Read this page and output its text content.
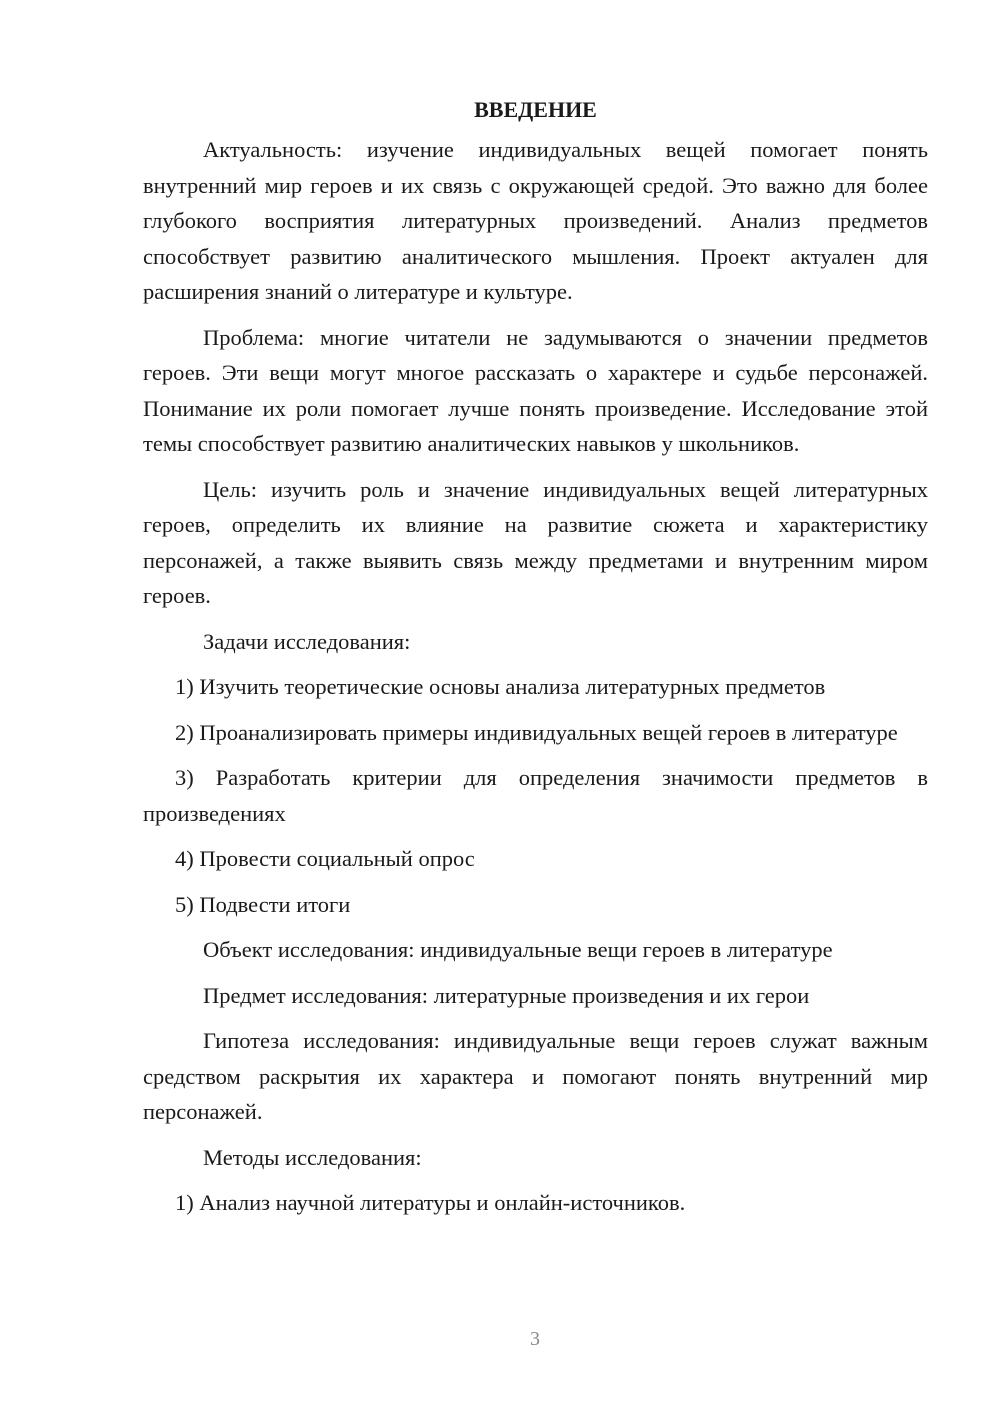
ВВЕДЕНИЕ

Актуальность: изучение индивидуальных вещей помогает понять внутренний мир героев и их связь с окружающей средой. Это важно для более глубокого восприятия литературных произведений. Анализ предметов способствует развитию аналитического мышления. Проект актуален для расширения знаний о литературе и культуре.

Проблема: многие читатели не задумываются о значении предметов героев. Эти вещи могут многое рассказать о характере и судьбе персонажей. Понимание их роли помогает лучше понять произведение. Исследование этой темы способствует развитию аналитических навыков у школьников.

Цель: изучить роль и значение индивидуальных вещей литературных героев, определить их влияние на развитие сюжета и характеристику персонажей, а также выявить связь между предметами и внутренним миром героев.

Задачи исследования:

1) Изучить теоретические основы анализа литературных предметов

2) Проанализировать примеры индивидуальных вещей героев в литературе

3) Разработать критерии для определения значимости предметов в произведениях

4) Провести социальный опрос

5) Подвести итоги

Объект исследования: индивидуальные вещи героев в литературе

Предмет исследования: литературные произведения и их герои

Гипотеза исследования: индивидуальные вещи героев служат важным средством раскрытия их характера и помогают понять внутренний мир персонажей.

Методы исследования:

1) Анализ научной литературы и онлайн-источников.

3
